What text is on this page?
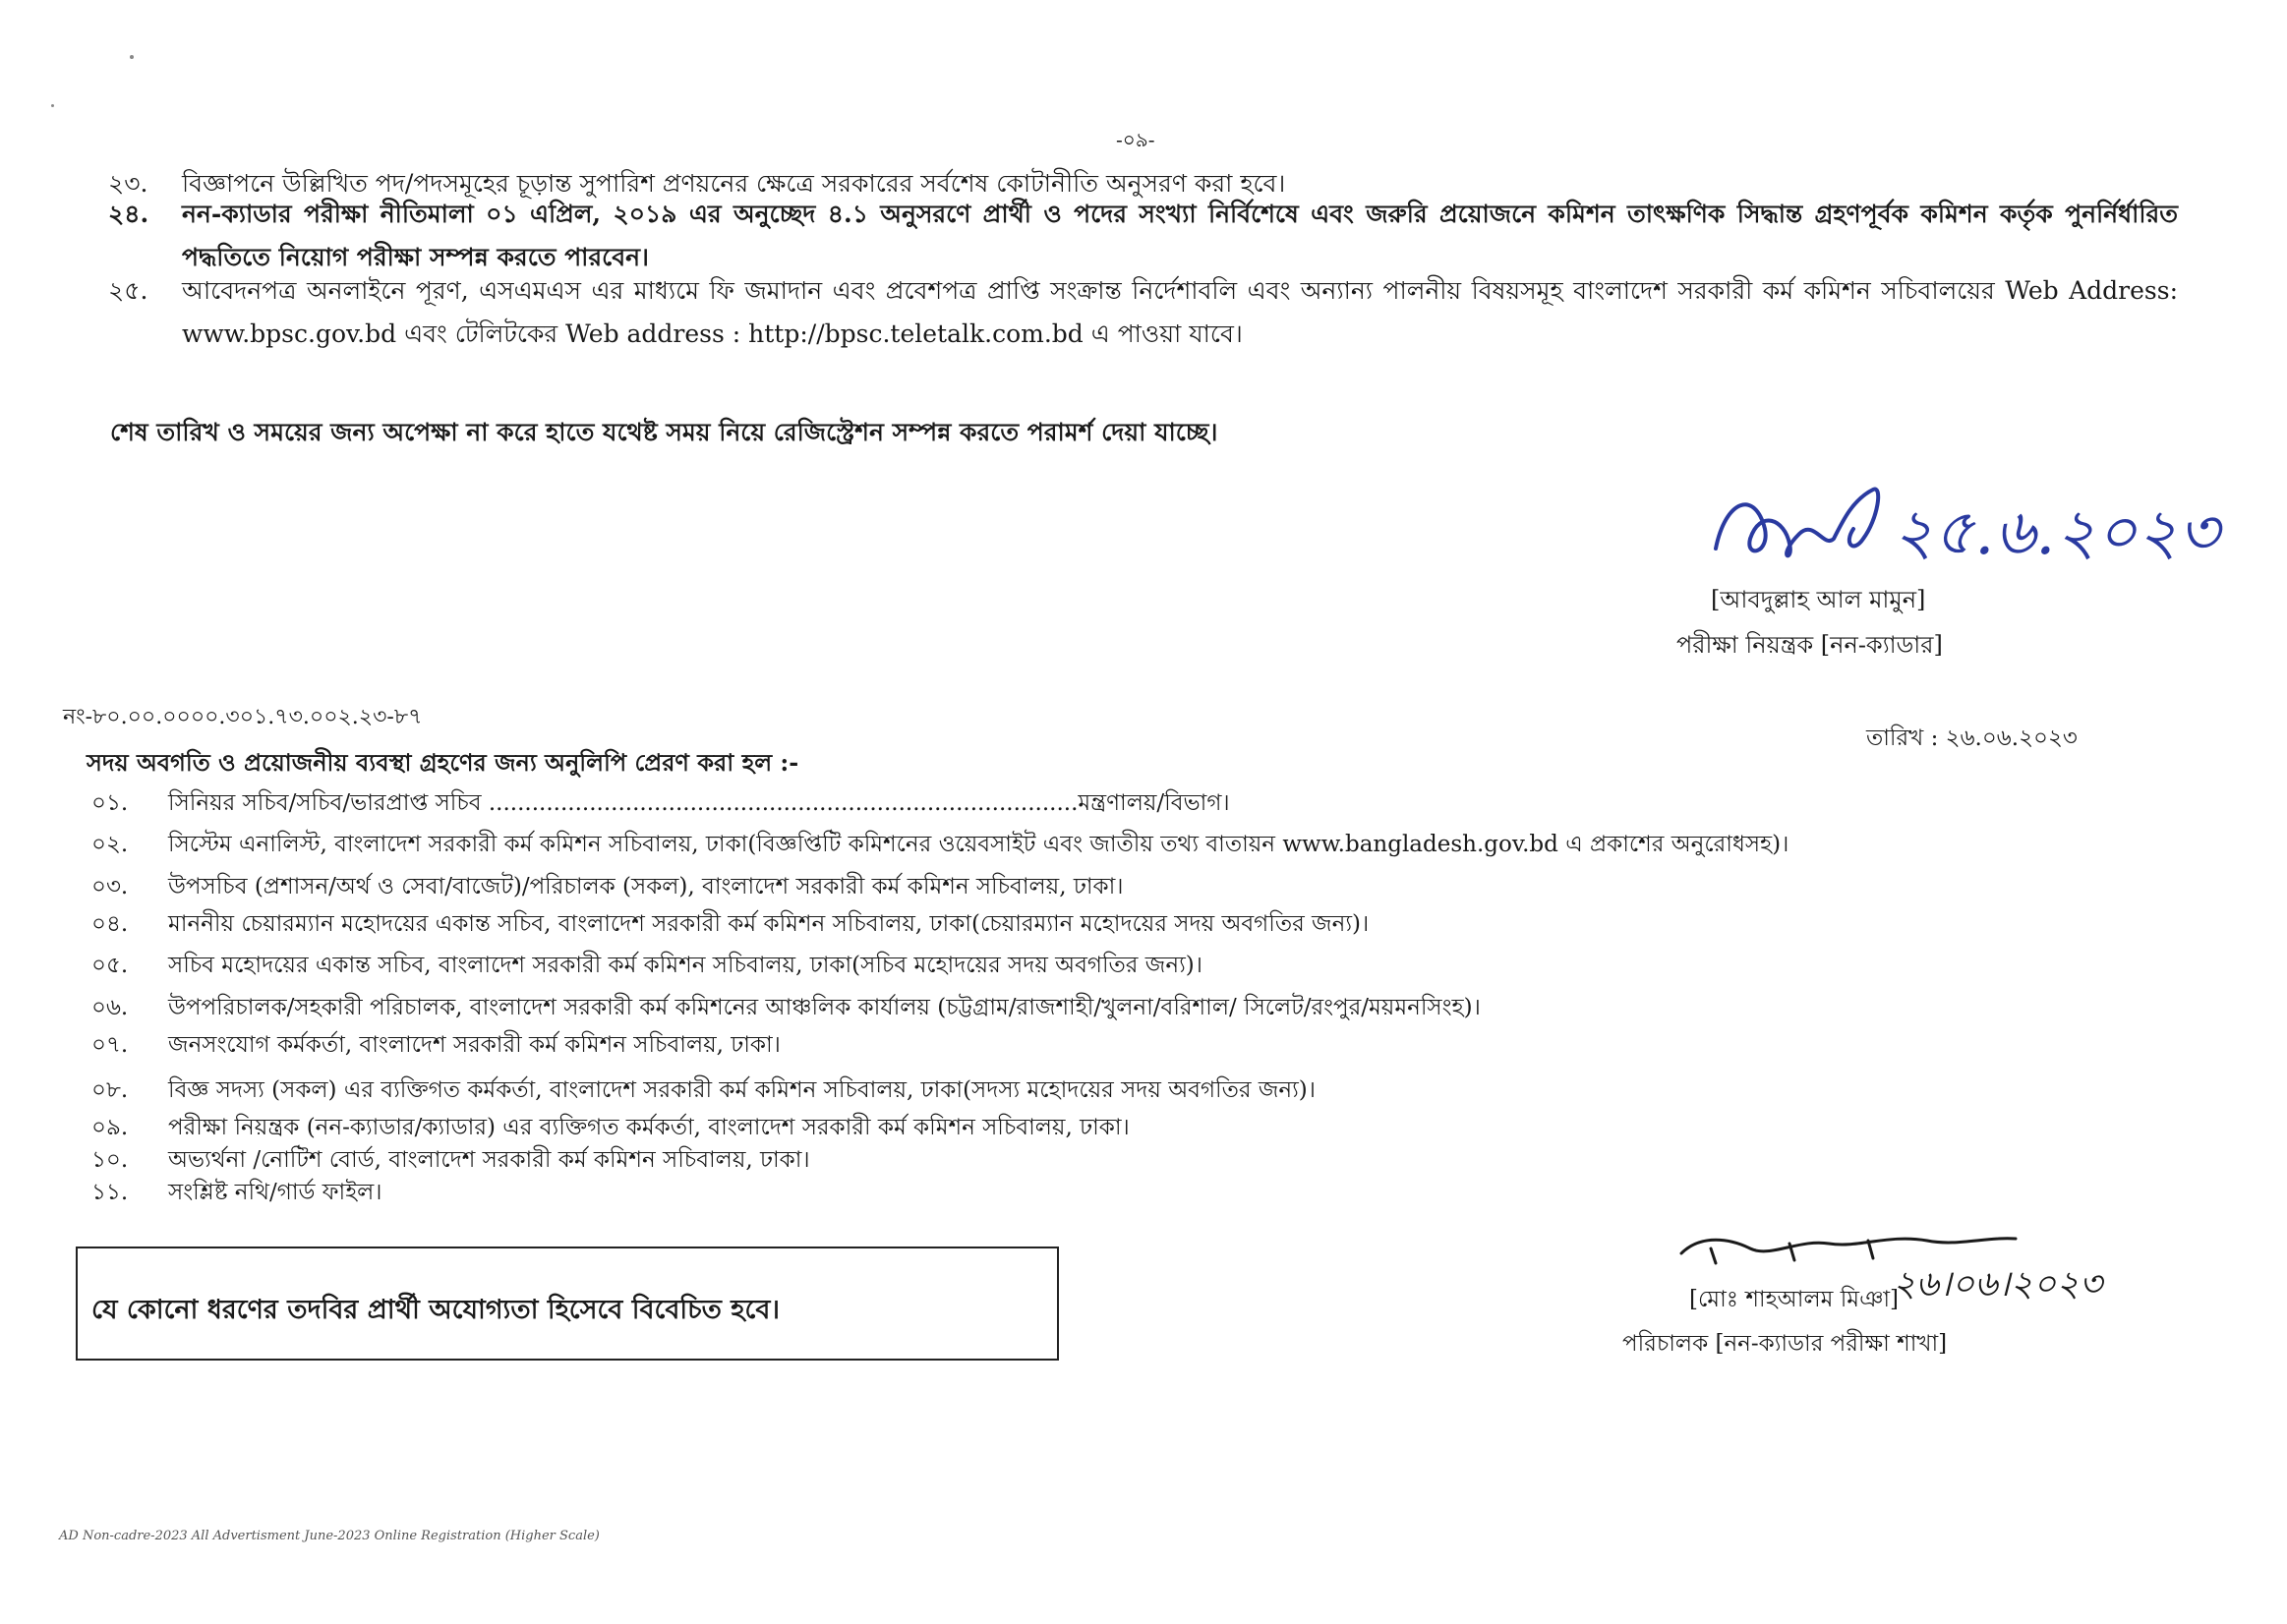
-০৯-
২৩.	বিজ্ঞাপনে উল্লিখিত পদ/পদসমূহের চূড়ান্ত সুপারিশ প্রণয়নের ক্ষেত্রে সরকারের সর্বশেষ কোটানীতি অনুসরণ করা হবে।
২৪.	নন-ক্যাডার পরীক্ষা নীতিমালা ০১ এপ্রিল, ২০১৯ এর অনুচ্ছেদ ৪.১ অনুসরণে প্রার্থী ও পদের সংখ্যা নির্বিশেষে এবং জরুরি প্রয়োজনে কমিশন তাৎক্ষণিক সিদ্ধান্ত গ্রহণপূর্বক কমিশন কর্তৃক পুনর্নির্ধারিত পদ্ধতিতে নিয়োগ পরীক্ষা সম্পন্ন করতে পারবেন।
২৫.	আবেদনপত্র অনলাইনে পূরণ, এসএমএস এর মাধ্যমে ফি জমাদান এবং প্রবেশপত্র প্রাপ্তি সংক্রান্ত নির্দেশাবলি এবং অন্যান্য পালনীয় বিষয়সমূহ বাংলাদেশ সরকারী কর্ম কমিশন সচিবালয়ের Web Address: www.bpsc.gov.bd এবং টেলিটকের Web address : http://bpsc.teletalk.com.bd এ পাওয়া যাবে।
শেষ তারিখ ও সময়ের জন্য অপেক্ষা না করে হাতে যথেষ্ট সময় নিয়ে রেজিস্ট্রেশন সম্পন্ন করতে পরামর্শ দেয়া যাচ্ছে।
২৫.৬.২০২৩
[আবদুল্লাহ আল মামুন]
পরীক্ষা নিয়ন্ত্রক [নন-ক্যাডার]
নং-৮০.০০.০০০০.৩০১.৭৩.০০২.২৩-৮৭
তারিখ : ২৬.০৬.২০২৩
সদয় অবগতি ও প্রয়োজনীয় ব্যবস্থা গ্রহণের জন্য অনুলিপি প্রেরণ করা হল :-
০১.	সিনিয়র সচিব/সচিব/ভারপ্রাপ্ত সচিব ..................................................................................মন্ত্রণালয়/বিভাগ।
০২.	সিস্টেম এনালিস্ট, বাংলাদেশ সরকারী কর্ম কমিশন সচিবালয়, ঢাকা(বিজ্ঞপ্তিটি কমিশনের ওয়েবসাইট এবং জাতীয় তথ্য বাতায়ন www.bangladesh.gov.bd এ প্রকাশের অনুরোধসহ)।
০৩.	উপসচিব (প্রশাসন/অর্থ ও সেবা/বাজেট)/পরিচালক (সকল), বাংলাদেশ সরকারী কর্ম কমিশন সচিবালয়, ঢাকা।
০৪.	মাননীয় চেয়ারম্যান মহোদয়ের একান্ত সচিব, বাংলাদেশ সরকারী কর্ম কমিশন সচিবালয়, ঢাকা(চেয়ারম্যান মহোদয়ের সদয় অবগতির জন্য)।
০৫.	সচিব মহোদয়ের একান্ত সচিব, বাংলাদেশ সরকারী কর্ম কমিশন সচিবালয়, ঢাকা(সচিব মহোদয়ের সদয় অবগতির জন্য)।
০৬.	উপপরিচালক/সহকারী পরিচালক, বাংলাদেশ সরকারী কর্ম কমিশনের আঞ্চলিক কার্যালয় (চট্টগ্রাম/রাজশাহী/খুলনা/বরিশাল/ সিলেট/রংপুর/ময়মনসিংহ)।
০৭.	জনসংযোগ কর্মকর্তা, বাংলাদেশ সরকারী কর্ম কমিশন সচিবালয়, ঢাকা।
০৮.	বিজ্ঞ সদস্য (সকল) এর ব্যক্তিগত কর্মকর্তা, বাংলাদেশ সরকারী কর্ম কমিশন সচিবালয়, ঢাকা(সদস্য মহোদয়ের সদয় অবগতির জন্য)।
০৯.	পরীক্ষা নিয়ন্ত্রক (নন-ক্যাডার/ক্যাডার) এর ব্যক্তিগত কর্মকর্তা, বাংলাদেশ সরকারী কর্ম কমিশন সচিবালয়, ঢাকা।
১০.	অভ্যর্থনা /নোটিশ বোর্ড, বাংলাদেশ সরকারী কর্ম কমিশন সচিবালয়, ঢাকা।
১১.	সংশ্লিষ্ট নথি/গার্ড ফাইল।
যে কোনো ধরণের তদবির প্রার্থী অযোগ্যতা হিসেবে বিবেচিত হবে।
২৬।০৬।২০২৩
[মোঃ শাহআলম মিঞা]
পরিচালক [নন-ক্যাডার পরীক্ষা শাখা]
AD Non-cadre-2023 All Advertisment June-2023 Online Registration (Higher Scale)
